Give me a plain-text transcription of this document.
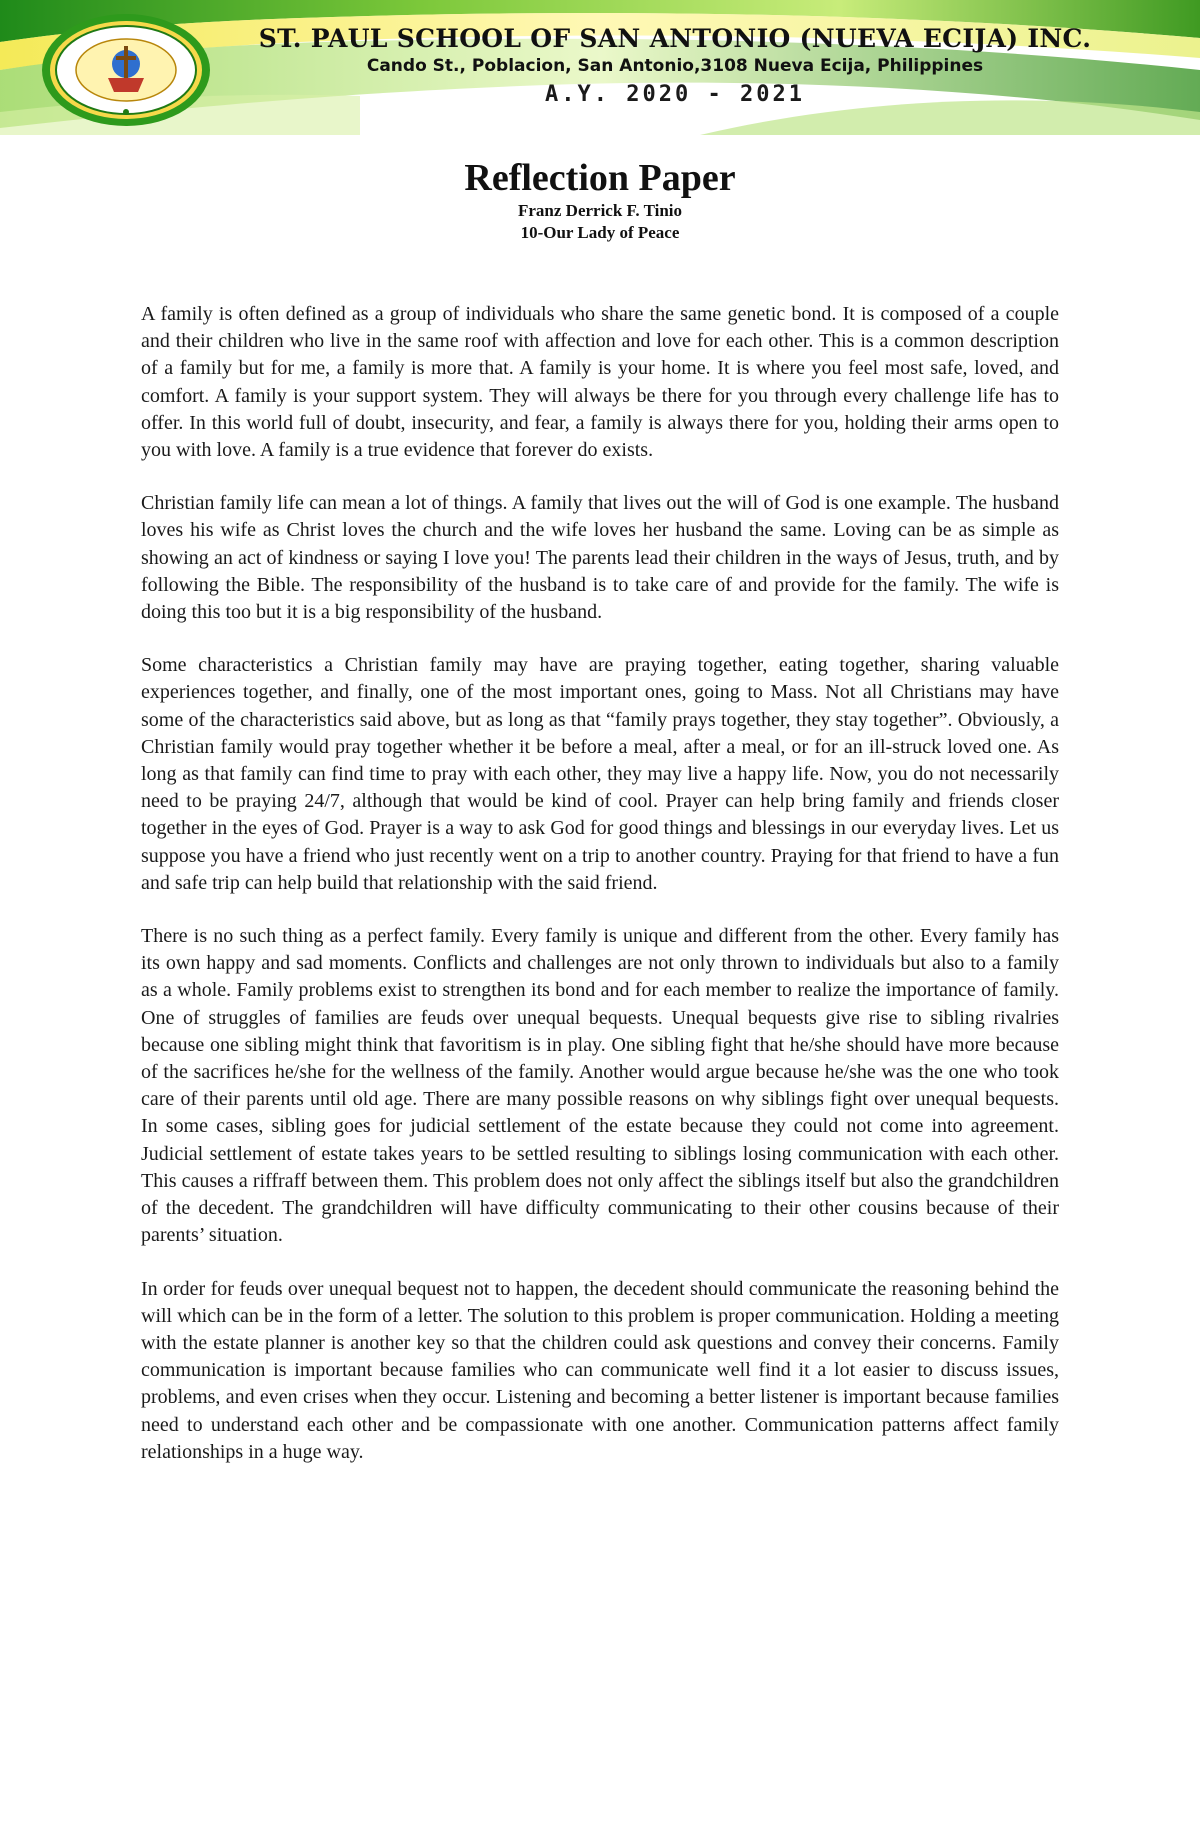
ST. PAUL SCHOOL OF SAN ANTONIO (NUEVA ECIJA) INC.
Cando St., Poblacion, San Antonio,3108 Nueva Ecija, Philippines
A.Y. 2020 - 2021
Reflection Paper
Franz Derrick F. Tinio
10-Our Lady of Peace

A family is often defined as a group of individuals who share the same genetic bond. It is composed of a couple and their children who live in the same roof with affection and love for each other. This is a common description of a family but for me, a family is more that. A family is your home. It is where you feel most safe, loved, and comfort. A family is your support system. They will always be there for you through every challenge life has to offer. In this world full of doubt, insecurity, and fear, a family is always there for you, holding their arms open to you with love. A family is a true evidence that forever do exists.

Christian family life can mean a lot of things. A family that lives out the will of God is one example. The husband loves his wife as Christ loves the church and the wife loves her husband the same. Loving can be as simple as showing an act of kindness or saying I love you! The parents lead their children in the ways of Jesus, truth, and by following the Bible. The responsibility of the husband is to take care of and provide for the family. The wife is doing this too but it is a big responsibility of the husband.

Some characteristics a Christian family may have are praying together, eating together, sharing valuable experiences together, and finally, one of the most important ones, going to Mass. Not all Christians may have some of the characteristics said above, but as long as that “family prays together, they stay together”. Obviously, a Christian family would pray together whether it be before a meal, after a meal, or for an ill-struck loved one. As long as that family can find time to pray with each other, they may live a happy life. Now, you do not necessarily need to be praying 24/7, although that would be kind of cool. Prayer can help bring family and friends closer together in the eyes of God. Prayer is a way to ask God for good things and blessings in our everyday lives. Let us suppose you have a friend who just recently went on a trip to another country. Praying for that friend to have a fun and safe trip can help build that relationship with the said friend.

There is no such thing as a perfect family. Every family is unique and different from the other. Every family has its own happy and sad moments. Conflicts and challenges are not only thrown to individuals but also to a family as a whole. Family problems exist to strengthen its bond and for each member to realize the importance of family. One of struggles of families are feuds over unequal bequests. Unequal bequests give rise to sibling rivalries because one sibling might think that favoritism is in play. One sibling fight that he/she should have more because of the sacrifices he/she for the wellness of the family. Another would argue because he/she was the one who took care of their parents until old age. There are many possible reasons on why siblings fight over unequal bequests. In some cases, sibling goes for judicial settlement of the estate because they could not come into agreement. Judicial settlement of estate takes years to be settled resulting to siblings losing communication with each other. This causes a riffraff between them. This problem does not only affect the siblings itself but also the grandchildren of the decedent. The grandchildren will have difficulty communicating to their other cousins because of their parents’ situation.

In order for feuds over unequal bequest not to happen, the decedent should communicate the reasoning behind the will which can be in the form of a letter. The solution to this problem is proper communication. Holding a meeting with the estate planner is another key so that the children could ask questions and convey their concerns. Family communication is important because families who can communicate well find it a lot easier to discuss issues, problems, and even crises when they occur. Listening and becoming a better listener is important because families need to understand each other and be compassionate with one another. Communication patterns affect family relationships in a huge way.
